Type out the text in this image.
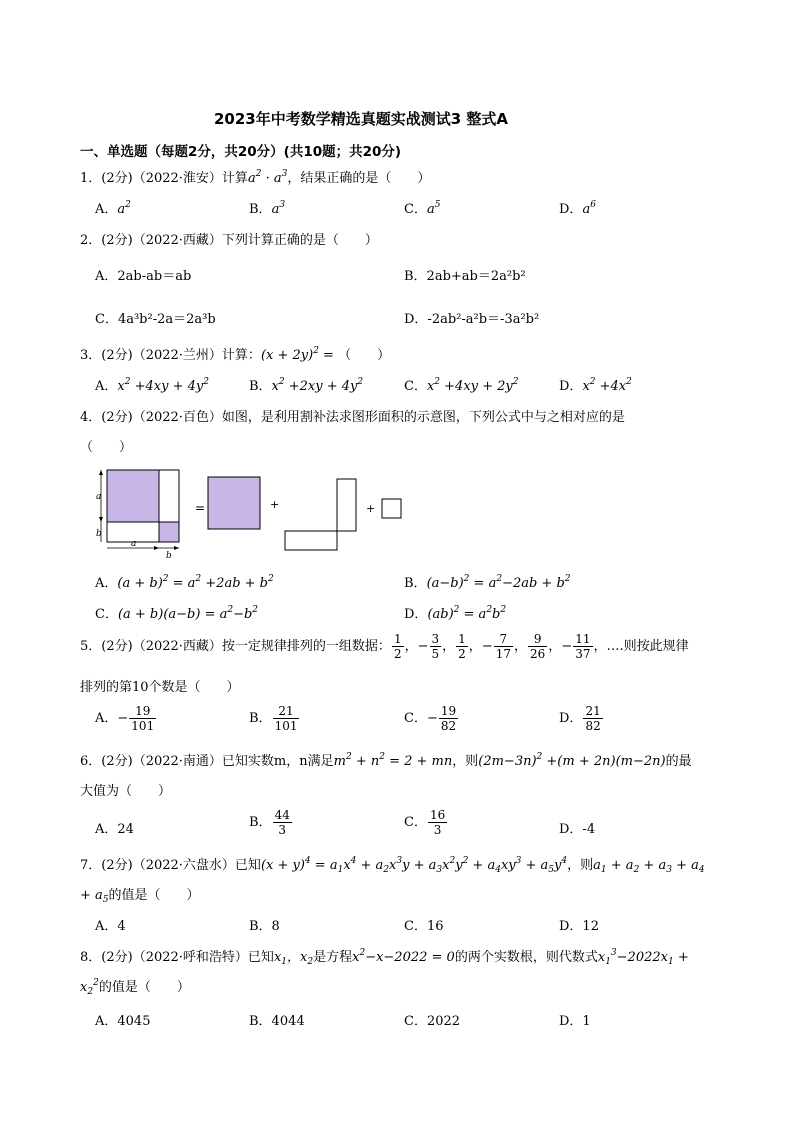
2023年中考数学精选真题实战测试3 整式A
一、单选题（每题2分，共20分）(共10题；共20分)
1．(2分)（2022·淮安）计算$a^2 \cdot a^3$，结果正确的是（　　）
A．$a^2$	B．$a^3$	C．$a^5$	D．$a^6$
2．(2分)（2022·西藏）下列计算正确的是（　　）
A．2ab-ab＝ab	B．2ab+ab＝2a²b²
C．4a³b²-2a＝2a³b	D．-2ab²-a²b＝-3a²b²
3．(2分)（2022·兰州）计算：$(x + 2y)^2$ = （　　）
A．$x^2 +4xy + 4y^2$	B．$x^2 +2xy + 4y^2$	C．$x^2 +4xy + 2y^2$	D．$x^2 +4x^2$
4．(2分)（2022·百色）如图，是利用割补法求图形面积的示意图，下列公式中与之相对应的是
（　　）
a
b
a
b
=	+	+
A．$(a + b)^2 = a^2 +2ab + b^2$	B．$(a-b)^2 = a^2-2ab + b^2$
C．$(a + b)(a-b) = a^2-b^2$	D．$(ab)^2 = a^2b^2$
5．(2分)（2022·西藏）按一定规律排列的一组数据： $\frac{1}{2}$ ，− $\frac{3}{5}$ ， $\frac{1}{2}$ ，− $\frac{7}{17}$ ， $\frac{9}{26}$ ，− $\frac{11}{37}$ ，….则按此规律
排列的第10个数是（　　）
A．− $\frac{19}{101}$	B． $\frac{21}{101}$	C．− $\frac{19}{82}$	D． $\frac{21}{82}$
6．(2分)（2022·南通）已知实数m，n满足$m^2 + n^2 = 2$ + mn，则$(2m-3n)^2 +(m + 2n)(m-2n)$的最
大值为（　　）
A．24	B． $\frac{44}{3}$	C． $\frac{16}{3}$	D．-4
7．(2分)（2022·六盘水）已知$(x + y)^4 = a_1x^4 + a_2x^3y + a_3x^2y^2 + a_4xy^3 + a_5y^4$，则$a_1 + a_2 + a_3 + a_4$
+ $a_5$的值是（　　）
A．4	B．8	C．16	D．12
8．(2分)（2022·呼和浩特）已知$x_1$，$x_2$是方程$x^2-x-2022 = 0$的两个实数根，则代数式$x_1^3-2022x_1$ +
$x_2^2$的值是（　　）
A．4045	B．4044	C．2022	D．1
